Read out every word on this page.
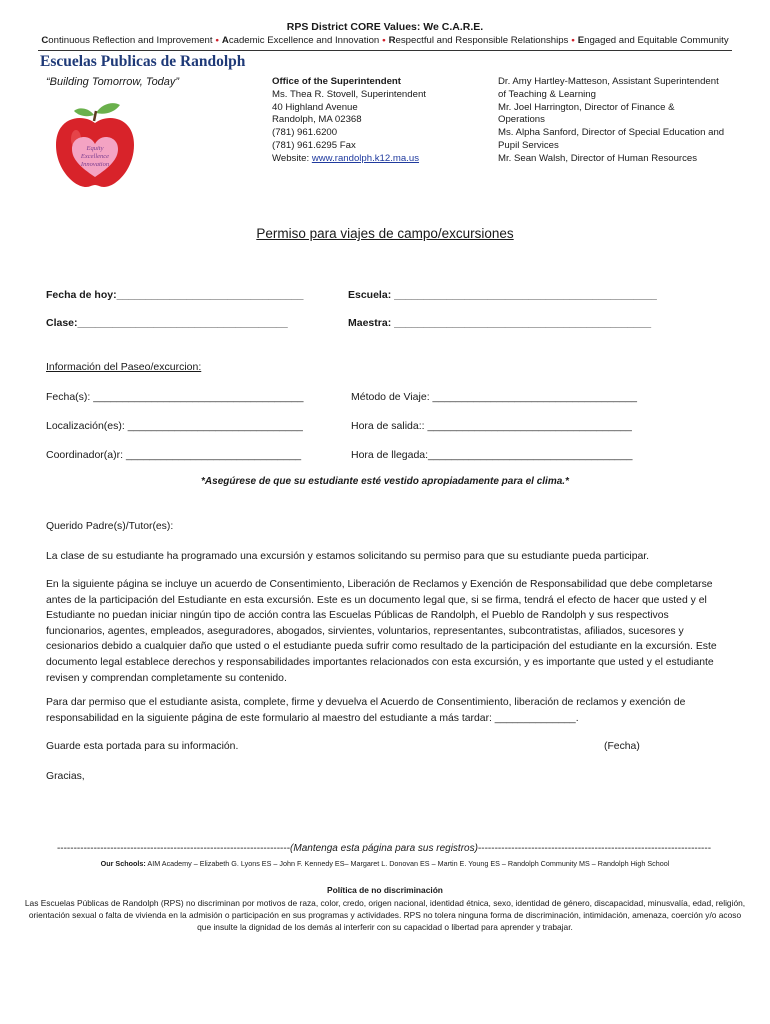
RPS District CORE Values: We C.A.R.E.
Continuous Reflection and Improvement • Academic Excellence and Innovation • Respectful and Responsible Relationships • Engaged and Equitable Community
Escuelas Publicas de Randolph
“Building Tomorrow, Today”
Equity
Excellence
Innovation
Office of the Superintendent
Ms. Thea R. Stovell, Superintendent
40 Highland Avenue
Randolph, MA 02368
(781) 961.6200
(781) 961.6295 Fax
Website: www.randolph.k12.ma.us
Dr. Amy Hartley-Matteson, Assistant Superintendent
of Teaching & Learning
Mr. Joel Harrington, Director of Finance &
Operations
Ms. Alpha Sanford, Director of Special Education and
Pupil Services
Mr. Sean Walsh, Director of Human Resources
Permiso para viajes de campo/excursiones
Fecha de hoy:________________________________	Escuela: _____________________________________________
Clase:____________________________________	Maestra: ____________________________________________
Información del Paseo/excurcion:
Fecha(s): ____________________________________	Método de Viaje: ___________________________________
Localización(es): ______________________________	Hora de salida:: ___________________________________
Coordinador(a)r: ______________________________	Hora de llegada:___________________________________
*Asegúrese de que su estudiante esté vestido apropiadamente para el clima.*
Querido Padre(s)/Tutor(es):
La clase de su estudiante ha programado una excursión y estamos solicitando su permiso para que su estudiante pueda participar.
En la siguiente página se incluye un acuerdo de Consentimiento, Liberación de Reclamos y Exención de Responsabilidad que debe completarse antes de la participación del Estudiante en esta excursión. Este es un documento legal que, si se firma, tendrá el efecto de hacer que usted y el Estudiante no puedan iniciar ningún tipo de acción contra las Escuelas Públicas de Randolph, el Pueblo de Randolph y sus respectivos funcionarios, agentes, empleados, aseguradores, abogados, sirvientes, voluntarios, representantes, subcontratistas, afiliados, sucesores y cesionarios debido a cualquier daño que usted o el estudiante pueda sufrir como resultado de la participación del estudiante en la excursión. Este documento legal establece derechos y responsabilidades importantes relacionados con esta excursión, y es importante que usted y el estudiante revisen y comprendan completamente su contenido.
Para dar permiso que el estudiante asista, complete, firme y devuelva el Acuerdo de Consentimiento, liberación de reclamos y exención de responsabilidad en la siguiente página de este formulario al maestro del estudiante a más tardar: ______________.
Guarde esta portada para su información.	(Fecha)
Gracias,
----------------------------------------------------------------------(Mantenga esta página para sus registros)----------------------------------------------------------------------
Our Schools: AIM Academy – Elizabeth G. Lyons ES – John F. Kennedy ES– Margaret L. Donovan ES – Martin E. Young ES – Randolph Community MS – Randolph High School
Política de no discriminación
Las Escuelas Públicas de Randolph (RPS) no discriminan por motivos de raza, color, credo, origen nacional, identidad étnica, sexo, identidad de género, discapacidad, minusvalía, edad, religión, orientación sexual o falta de vivienda en la admisión o participación en sus programas y actividades. RPS no tolera ninguna forma de discriminación, intimidación, amenaza, coerción y/o acoso que insulte la dignidad de los demás al interferir con su capacidad o libertad para aprender y trabajar.
